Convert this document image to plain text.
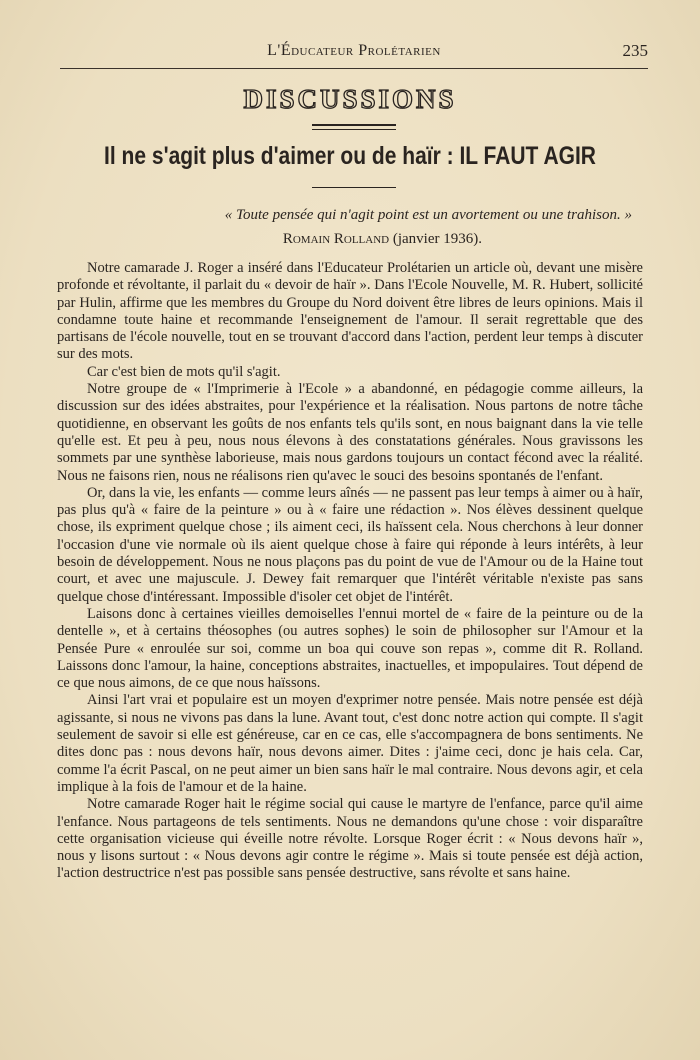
L'Éducateur Prolétarien	235
DISCUSSIONS
Il ne s'agit plus d'aimer ou de haïr : IL FAUT AGIR
« Toute pensée qui n'agit point est un avortement ou une trahison. »
Romain Rolland (janvier 1936).

Notre camarade J. Roger a inséré dans l'Educateur Prolétarien un article où, devant une misère profonde et révoltante, il parlait du « devoir de haïr ». Dans l'Ecole Nouvelle, M. R. Hubert, sollicité par Hulin, affirme que les membres du Groupe du Nord doivent être libres de leurs opinions. Mais il condamne toute haine et recommande l'enseignement de l'amour. Il serait regrettable que des partisans de l'école nouvelle, tout en se trouvant d'accord dans l'action, perdent leur temps à discuter sur des mots.

Car c'est bien de mots qu'il s'agit.

Notre groupe de « l'Imprimerie à l'Ecole » a abandonné, en pédagogie comme ailleurs, la discussion sur des idées abstraites, pour l'expérience et la réalisation. Nous partons de notre tâche quotidienne, en observant les goûts de nos enfants tels qu'ils sont, en nous baignant dans la vie telle qu'elle est. Et peu à peu, nous nous élevons à des constatations générales. Nous gravissons les sommets par une synthèse laborieuse, mais nous gardons toujours un contact fécond avec la réalité. Nous ne faisons rien, nous ne réalisons rien qu'avec le souci des besoins spontanés de l'enfant.

Or, dans la vie, les enfants — comme leurs aînés — ne passent pas leur temps à aimer ou à haïr, pas plus qu'à « faire de la peinture » ou à « faire une rédaction ». Nos élèves dessinent quelque chose, ils expriment quelque chose ; ils aiment ceci, ils haïssent cela. Nous cherchons à leur donner l'occasion d'une vie normale où ils aient quelque chose à faire qui réponde à leurs intérêts, à leur besoin de développement. Nous ne nous plaçons pas du point de vue de l'Amour ou de la Haine tout court, et avec une majuscule. J. Dewey fait remarquer que l'intérêt véritable n'existe pas sans quelque chose d'intéressant. Impossible d'isoler cet objet de l'intérêt.

Laisons donc à certaines vieilles demoiselles l'ennui mortel de « faire de la peinture ou de la dentelle », et à certains théosophes (ou autres sophes) le soin de philosopher sur l'Amour et la Pensée Pure « enroulée sur soi, comme un boa qui couve son repas », comme dit R. Rolland. Laissons donc l'amour, la haine, conceptions abstraites, inactuelles, et impopulaires. Tout dépend de ce que nous aimons, de ce que nous haïssons.

Ainsi l'art vrai et populaire est un moyen d'exprimer notre pensée. Mais notre pensée est déjà agissante, si nous ne vivons pas dans la lune. Avant tout, c'est donc notre action qui compte. Il s'agit seulement de savoir si elle est généreuse, car en ce cas, elle s'accompagnera de bons sentiments. Ne dites donc pas : nous devons haïr, nous devons aimer. Dites : j'aime ceci, donc je hais cela. Car, comme l'a écrit Pascal, on ne peut aimer un bien sans haïr le mal contraire. Nous devons agir, et cela implique à la fois de l'amour et de la haine.

Notre camarade Roger hait le régime social qui cause le martyre de l'enfance, parce qu'il aime l'enfance. Nous partageons de tels sentiments. Nous ne demandons qu'une chose : voir disparaître cette organisation vicieuse qui éveille notre révolte. Lorsque Roger écrit : « Nous devons haïr », nous y lisons surtout : « Nous devons agir contre le régime ». Mais si toute pensée est déjà action, l'action destructrice n'est pas possible sans pensée destructive, sans révolte et sans haine.
